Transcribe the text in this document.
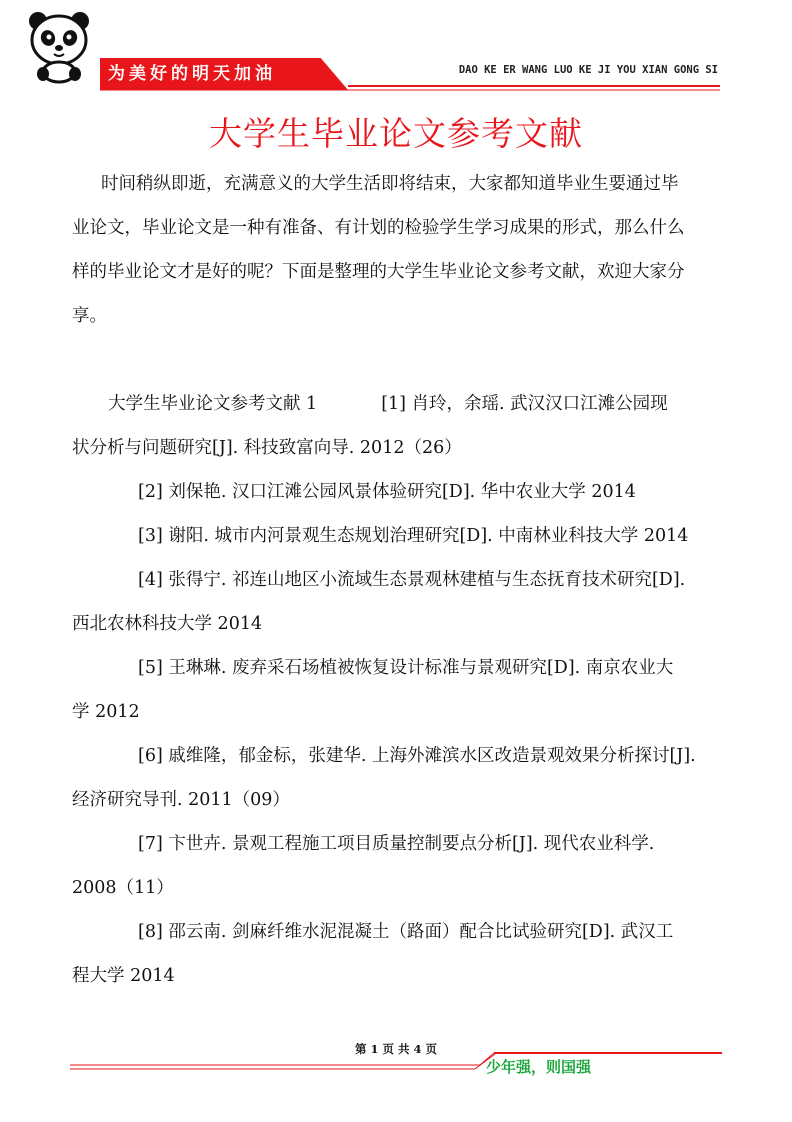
为美好的明天加油	DAO KE ER WANG LUO KE JI YOU XIAN GONG SI
大学生毕业论文参考文献
时间稍纵即逝，充满意义的大学生活即将结束，大家都知道毕业生要通过毕
业论文，毕业论文是一种有准备、有计划的检验学生学习成果的形式，那么什么
样的毕业论文才是好的呢？下面是整理的大学生毕业论文参考文献，欢迎大家分
享。
大学生毕业论文参考文献 1	[1] 肖玲，余瑶. 武汉汉口江滩公园现
状分析与问题研究[J]. 科技致富向导. 2012（26）
[2] 刘保艳. 汉口江滩公园风景体验研究[D]. 华中农业大学 2014
[3] 谢阳. 城市内河景观生态规划治理研究[D]. 中南林业科技大学 2014
[4] 张得宁. 祁连山地区小流域生态景观林建植与生态抚育技术研究[D].
西北农林科技大学 2014
[5] 王琳琳. 废弃采石场植被恢复设计标准与景观研究[D]. 南京农业大
学 2012
[6] 戚维隆，郁金标，张建华. 上海外滩滨水区改造景观效果分析探讨[J].
经济研究导刊. 2011（09）
[7] 卞世卉. 景观工程施工项目质量控制要点分析[J]. 现代农业科学.
2008（11）
[8] 邵云南. 剑麻纤维水泥混凝土（路面）配合比试验研究[D]. 武汉工
程大学 2014
第 1 页 共 4 页
少年强，则国强
